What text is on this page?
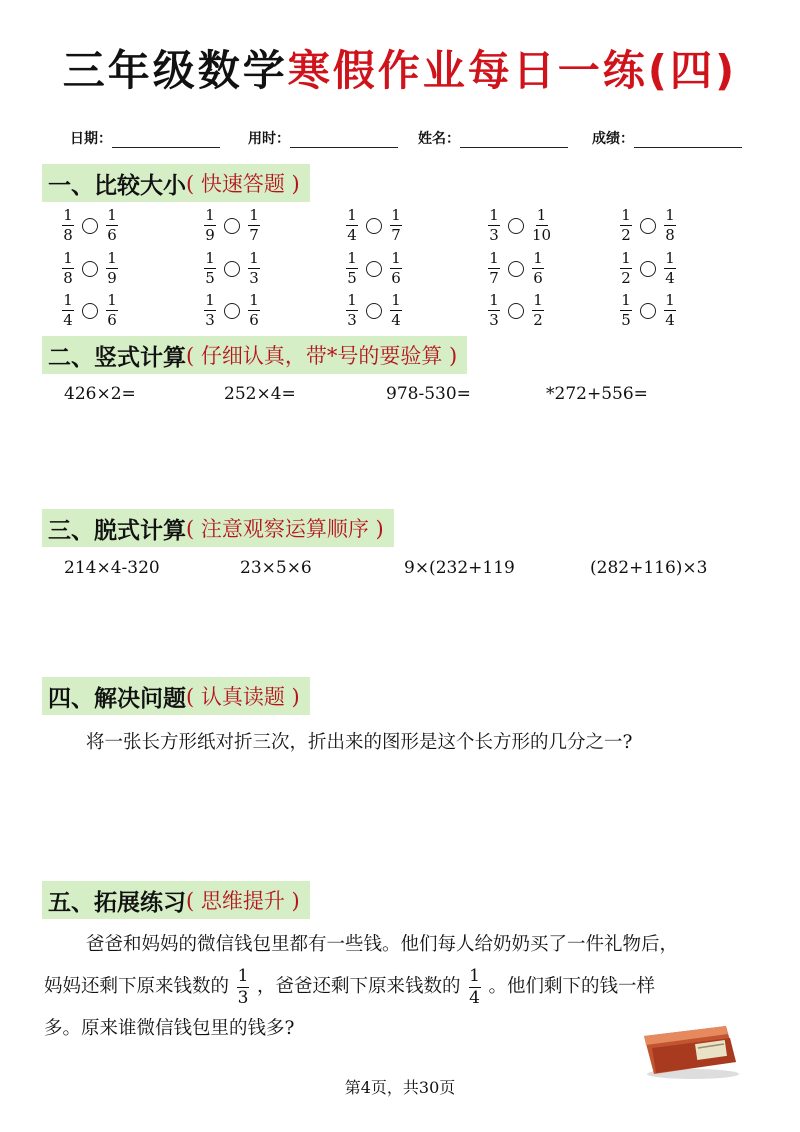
三年级数学寒假作业每日一练(四)
日期：	用时：	姓名：	成绩：
一、比较大小 ( 快速答题 )
$\frac{1}{8} \frac{1}{6}$	$\frac{1}{9} \frac{1}{7}$	$\frac{1}{4} \frac{1}{7}$	$\frac{1}{3} \frac{1}{10}$	$\frac{1}{2} \frac{1}{8}$
$\frac{1}{8} \frac{1}{9}$	$\frac{1}{5} \frac{1}{3}$	$\frac{1}{5} \frac{1}{6}$	$\frac{1}{7} \frac{1}{6}$	$\frac{1}{2} \frac{1}{4}$
$\frac{1}{4} \frac{1}{6}$	$\frac{1}{3} \frac{1}{6}$	$\frac{1}{3} \frac{1}{4}$	$\frac{1}{3} \frac{1}{2}$	$\frac{1}{5} \frac{1}{4}$
二、竖式计算 ( 仔细认真，带*号的要验算 )
426×2=	252×4=	978-530=	*272+556=
三、脱式计算 ( 注意观察运算顺序 )
214×4-320	23×5×6	9×(232+119	(282+116)×3
四、解决问题 ( 认真读题 )
将一张长方形纸对折三次，折出来的图形是这个长方形的几分之一?
五、拓展练习 ( 思维提升 )
爸爸和妈妈的微信钱包里都有一些钱。他们每人给奶奶买了一件礼物后，
妈妈还剩下原来钱数的 $\frac{1}{3}$ ，爸爸还剩下原来钱数的 $\frac{1}{4}$ 。他们剩下的钱一样
多。原来谁微信钱包里的钱多?
第4页，共30页
